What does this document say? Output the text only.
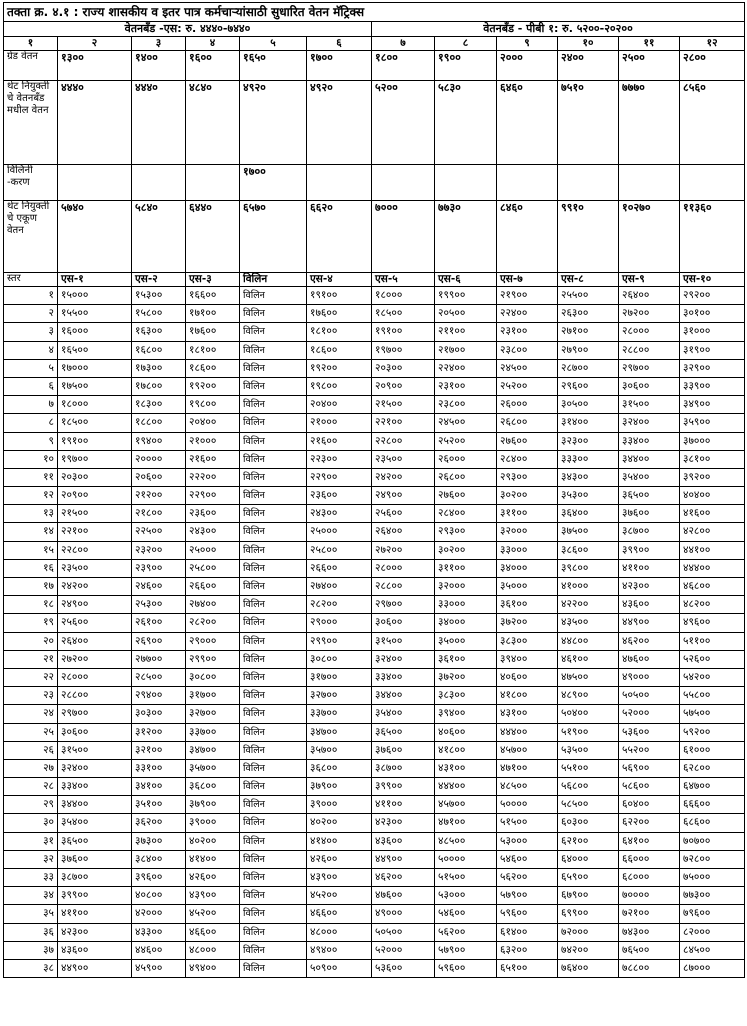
तक्ता क्र. ४.१ : राज्य शासकीय व इतर पात्र कर्मचाऱ्यांसाठी सुधारित वेतन मॅट्रिक्स											
वेतनबँड -एस: रु. ४४४०-७४४०						वेतनबँड - पीबी १: रु. ५२००-२०२००					
१	२	३	४	५	६	७	८	९	१०	११	१२
ग्रेड वेतन	१३००	१४००	१६००	१६५०	१७००	१८००	१९००	२०००	२४००	२५००	२८००
थेट नियुक्ती चे वेतनबँड मधील वेतन	४४४०	४४४०	४८४०	४९२०	४९२०	५२००	५८३०	६४६०	७५१०	७७७०	८५६०
विलिनी -करण				१७००							
थेट नियुक्ती चे एकूण वेतन	५७४०	५८४०	६४४०	६५७०	६६२०	७०००	७७३०	८४६०	९९१०	१०२७०	११३६०
स्तर	एस-१	एस-२	एस-३	विलिन	एस-४	एस-५	एस-६	एस-७	एस-८	एस-९	एस-१०
१	१५०००	१५३००	१६६००	विलिन	१९१००	१८०००	१९९००	२१९००	२५५००	२६४००	२९२००
२	१५५००	१५८००	१७१००	विलिन	१७६००	१८५००	२०५००	२२४००	२६३००	२७२००	३०१००
३	१६०००	१६३००	१७६००	विलिन	१८१००	१९१००	२११००	२३१००	२७१००	२८०००	३१०००
४	१६५००	१६८००	१८१००	विलिन	१८६००	१९७००	२१७००	२३८००	२७९००	२८८००	३१९००
५	१७०००	१७३००	१८६००	विलिन	१९२००	२०३००	२२४००	२४५००	२८७००	२९७००	३२९००
६	१७५००	१७८००	१९२००	विलिन	१९८००	२०९००	२३१००	२५२००	२९६००	३०६००	३३९००
७	१८०००	१८३००	१९८००	विलिन	२०४००	२१५००	२३८००	२६०००	३०५००	३१५००	३४९००
८	१८५००	१८८००	२०४००	विलिन	२१०००	२२१००	२४५००	२६८००	३१४००	३२४००	३५९००
९	१९१००	१९४००	२१०००	विलिन	२१६००	२२८००	२५२००	२७६००	३२३००	३३४००	३७०००
१०	१९७००	२००००	२१६००	विलिन	२२३००	२३५००	२६०००	२८४००	३३३००	३४४००	३८१००
११	२०३००	२०६००	२२२००	विलिन	२२९००	२४२००	२६८००	२९३००	३४३००	३५४००	३९२००
१२	२०९००	२१२००	२२९००	विलिन	२३६००	२४९००	२७६००	३०२००	३५३००	३६५००	४०४००
१३	२१५००	२१८००	२३६००	विलिन	२४३००	२५६००	२८४००	३११००	३६४००	३७६००	४१६००
१४	२२१००	२२५००	२४३००	विलिन	२५०००	२६४००	२९३००	३२०००	३७५००	३८७००	४२८००
१५	२२८००	२३२००	२५०००	विलिन	२५८००	२७२००	३०२००	३३०००	३८६००	३९९००	४४१००
१६	२३५००	२३९००	२५८००	विलिन	२६६००	२८०००	३११००	३४०००	३९८००	४११००	४४४००
१७	२४२००	२४६००	२६६००	विलिन	२७४००	२८८००	३२०००	३५०००	४१०००	४२३००	४६८००
१८	२४९००	२५३००	२७४००	विलिन	२८२००	२९७००	३३०००	३६१००	४२२००	४३६००	४८२००
१९	२५६००	२६१००	२८२००	विलिन	२९०००	३०६००	३४०००	३७२००	४३५००	४४९००	४९६००
२०	२६४००	२६९००	२९०००	विलिन	२९९००	३१५००	३५०००	३८३००	४४८००	४६२००	५११००
२१	२७२००	२७७००	२९९००	विलिन	३०८००	३२४००	३६१००	३९४००	४६१००	४७६००	५२६००
२२	२८०००	२८५००	३०८००	विलिन	३१७००	३३४००	३७२००	४०६००	४७५००	४९०००	५४२००
२३	२८८००	२९४००	३१७००	विलिन	३२७००	३४४००	३८३००	४१८००	४८९००	५०५००	५५८००
२४	२९७००	३०३००	३२७००	विलिन	३३७००	३५४००	३९४००	४३१००	५०४००	५२०००	५७५००
२५	३०६००	३१२००	३३७००	विलिन	३४७००	३६५००	४०६००	४४४००	५१९००	५३६००	५९२००
२६	३१५००	३२१००	३४७००	विलिन	३५७००	३७६००	४१८००	४५७००	५३५००	५५२००	६१०००
२७	३२४००	३३१००	३५७००	विलिन	३६८००	३८७००	४३१००	४७१००	५५१००	५६९००	६२८००
२८	३३४००	३४१००	३६८००	विलिन	३७९००	३९९००	४४४००	४८५००	५६८००	५८६००	६४७००
२९	३४४००	३५१००	३७९००	विलिन	३९०००	४११००	४५७००	५००००	५८५००	६०४००	६६६००
३०	३५४००	३६२००	३९०००	विलिन	४०२००	४२३००	४७१००	५१५००	६०३००	६२२००	६८६००
३१	३६५००	३७३००	४०२००	विलिन	४१४००	४३६००	४८५००	५३०००	६२१००	६४१००	७०७००
३२	३७६००	३८४००	४१४००	विलिन	४२६००	४४९००	५००००	५४६००	६४०००	६६०००	७२८००
३३	३८७००	३९६००	४२६००	विलिन	४३९००	४६२००	५१५००	५६२००	६५९००	६८०००	७५०००
३४	३९९००	४०८००	४३९००	विलिन	४५२००	४७६००	५३०००	५७९००	६७९००	७००००	७७३००
३५	४११००	४२०००	४५२००	विलिन	४६६००	४९०००	५४६००	५९६००	६९९००	७२१००	७९६००
३६	४२३००	४३३००	४६६००	विलिन	४८०००	५०५००	५६२००	६१४००	७२०००	७४३००	८२०००
३७	४३६००	४४६००	४८०००	विलिन	४९४००	५२०००	५७९००	६३२००	७४२००	७६५००	८४५००
३८	४४९००	४५९००	४९४००	विलिन	५०९००	५३६००	५९६००	६५१००	७६४००	७८८००	८७०००
